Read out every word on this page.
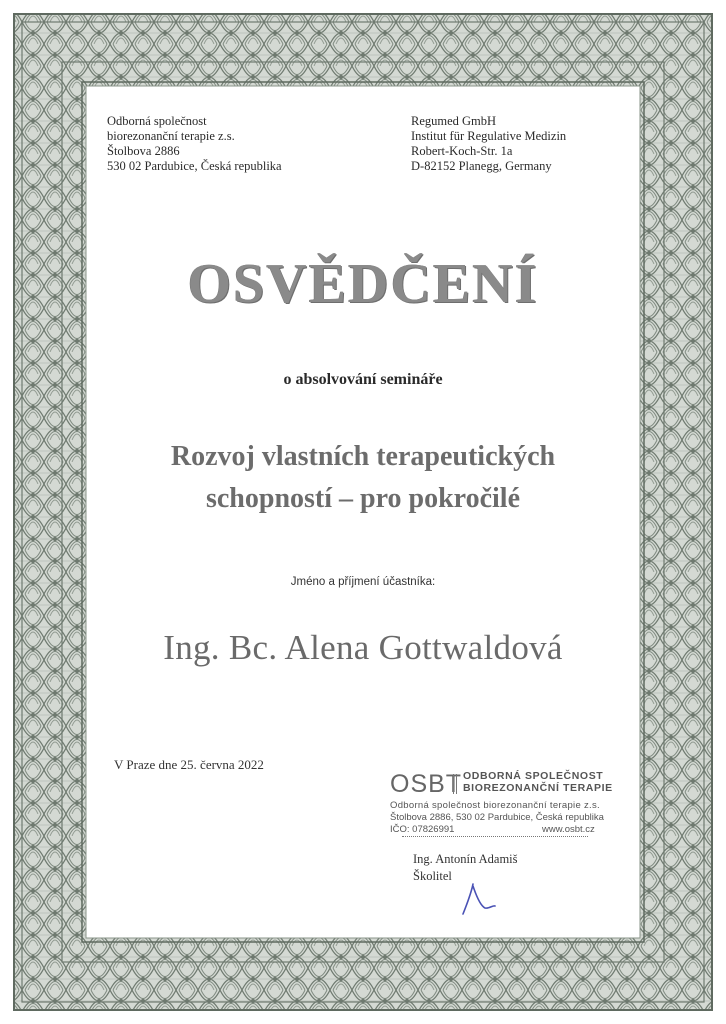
Odborná společnost
biorezonanční terapie z.s.
Štolbova 2886
530 02 Pardubice, Česká republika
Regumed GmbH
Institut für Regulative Medizin
Robert-Koch-Str. 1a
D-82152 Planegg, Germany
OSVĚDČENÍ
o absolvování semináře
Rozvoj vlastních terapeutických
schopností – pro pokročilé
Jméno a příjmení účastníka:
Ing. Bc. Alena Gottwaldová
V Praze dne 25. června 2022
OSBT ODBORNÁ SPOLEČNOST
BIOREZONANČNÍ TERAPIE
Odborná společnost biorezonanční terapie z.s.
Štolbova 2886, 530 02 Pardubice, Česká republika
IČO: 07826991	www.osbt.cz
Ing. Antonín Adamiš
Školitel
